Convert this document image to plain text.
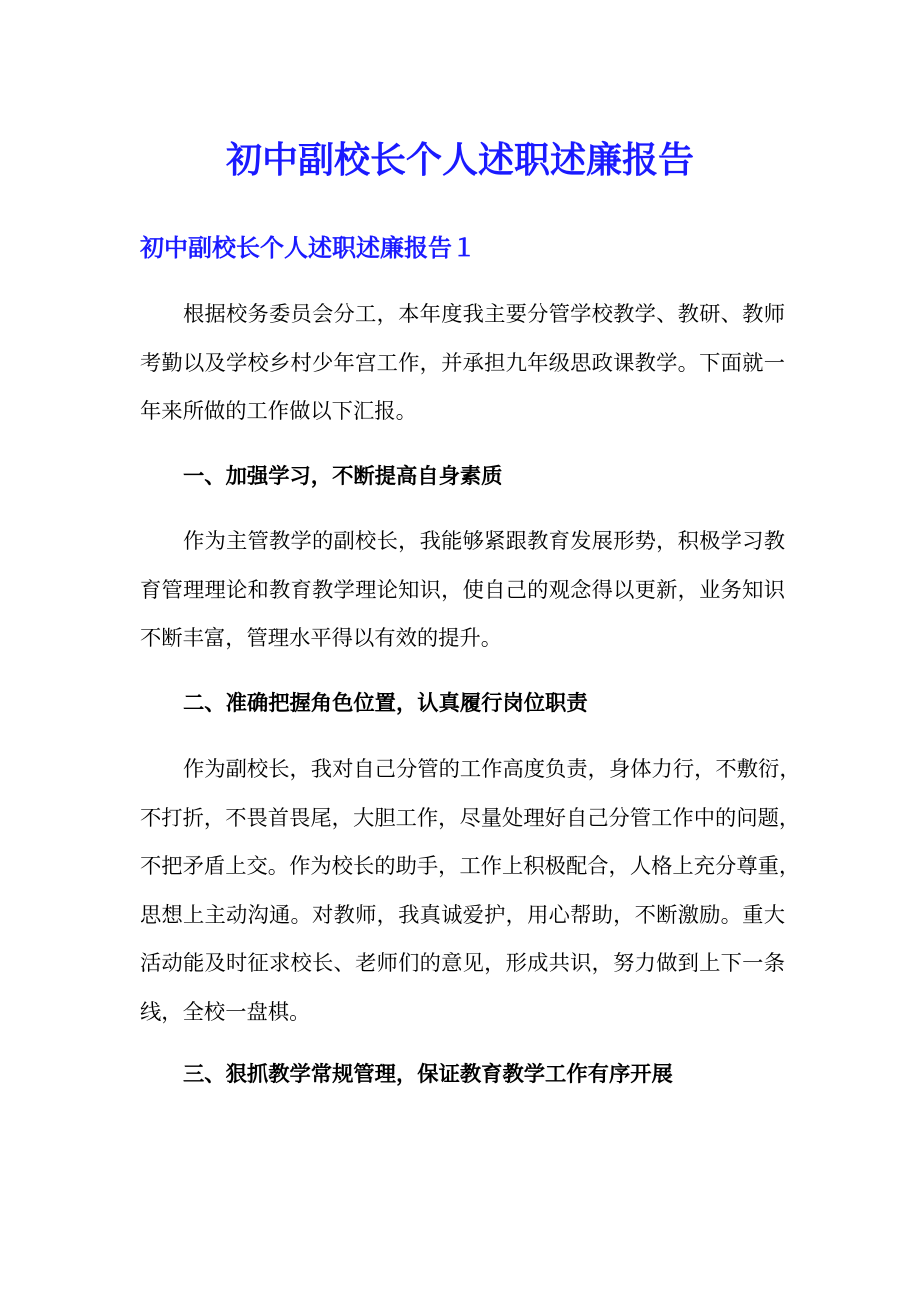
初中副校长个人述职述廉报告
初中副校长个人述职述廉报告１
根据校务委员会分工，本年度我主要分管学校教学、教研、教师
考勤以及学校乡村少年宫工作，并承担九年级思政课教学。下面就一
年来所做的工作做以下汇报。
一、加强学习，不断提高自身素质
作为主管教学的副校长，我能够紧跟教育发展形势，积极学习教
育管理理论和教育教学理论知识，使自己的观念得以更新，业务知识
不断丰富，管理水平得以有效的提升。
二、准确把握角色位置，认真履行岗位职责
作为副校长，我对自己分管的工作高度负责，身体力行，不敷衍，
不打折，不畏首畏尾，大胆工作，尽量处理好自己分管工作中的问题，
不把矛盾上交。作为校长的助手，工作上积极配合，人格上充分尊重，
思想上主动沟通。对教师，我真诚爱护，用心帮助，不断激励。重大
活动能及时征求校长、老师们的意见，形成共识，努力做到上下一条
线，全校一盘棋。
三、狠抓教学常规管理，保证教育教学工作有序开展
